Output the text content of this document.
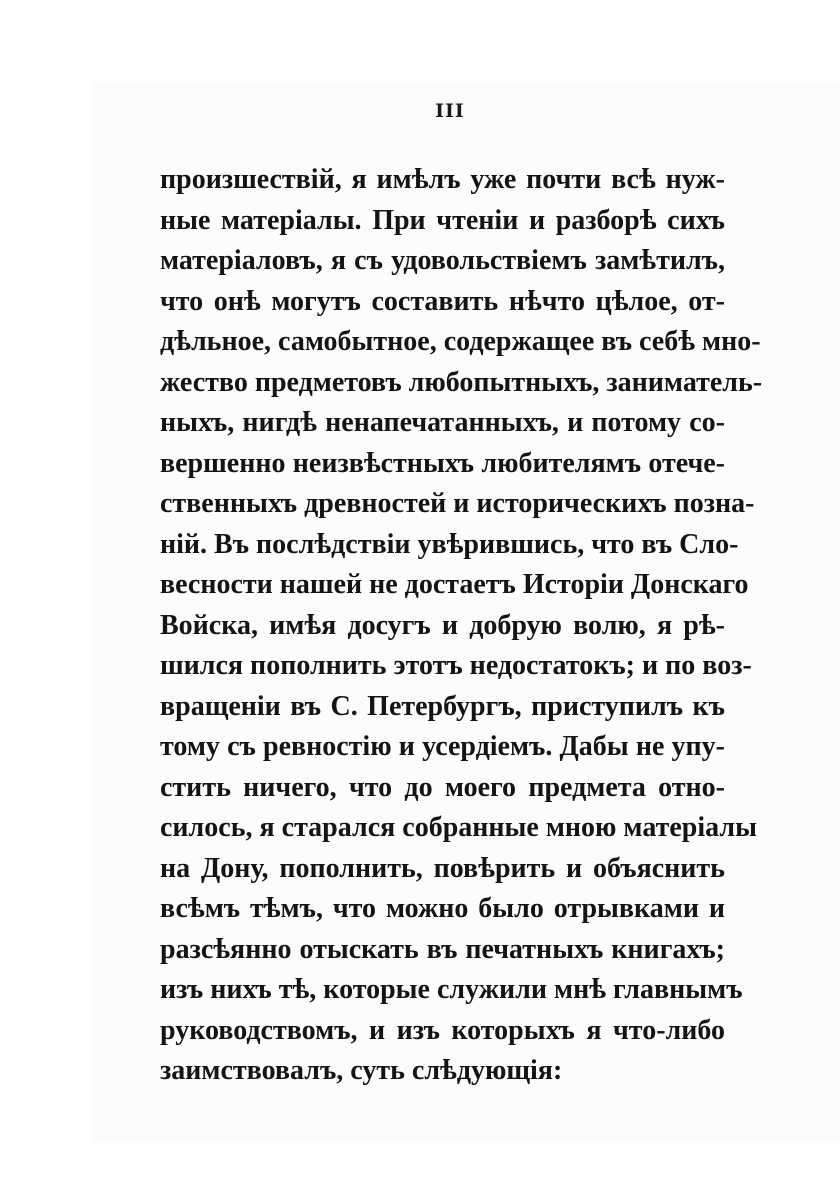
III
произшествій, я имѣлъ уже почти всѣ нуж-
ные матеріалы. При чтеніи и разборѣ сихъ
матеріаловъ, я съ удовольствіемъ замѣтилъ,
что онѣ могутъ составить нѣчто цѣлое, от-
дѣльное, самобытное, содержащее въ себѣ мно-
жество предметовъ любопытныхъ, заниматель-
ныхъ, нигдѣ ненапечатанныхъ, и потому со-
вершенно неизвѣстныхъ любителямъ отече-
ственныхъ древностей и историческихъ позна-
ній. Въ послѣдствіи увѣрившись, что въ Сло-
весности нашей не достаетъ Исторіи Донскаго
Войска, имѣя досугъ и добрую волю, я рѣ-
шился пополнить этотъ недостатокъ; и по воз-
вращеніи въ С. Петербургъ, приступилъ къ
тому съ ревностію и усердіемъ. Дабы не упу-
стить ничего, что до моего предмета отно-
силось, я старался собранные мною матеріалы
на Дону, пополнить, повѣрить и объяснить
всѣмъ тѣмъ, что можно было отрывками и
разсѣянно отыскать въ печатныхъ книгахъ;
изъ нихъ тѣ, которые служили мнѣ главнымъ
руководствомъ, и изъ которыхъ я что-либо
заимствовалъ, суть слѣдующія:
